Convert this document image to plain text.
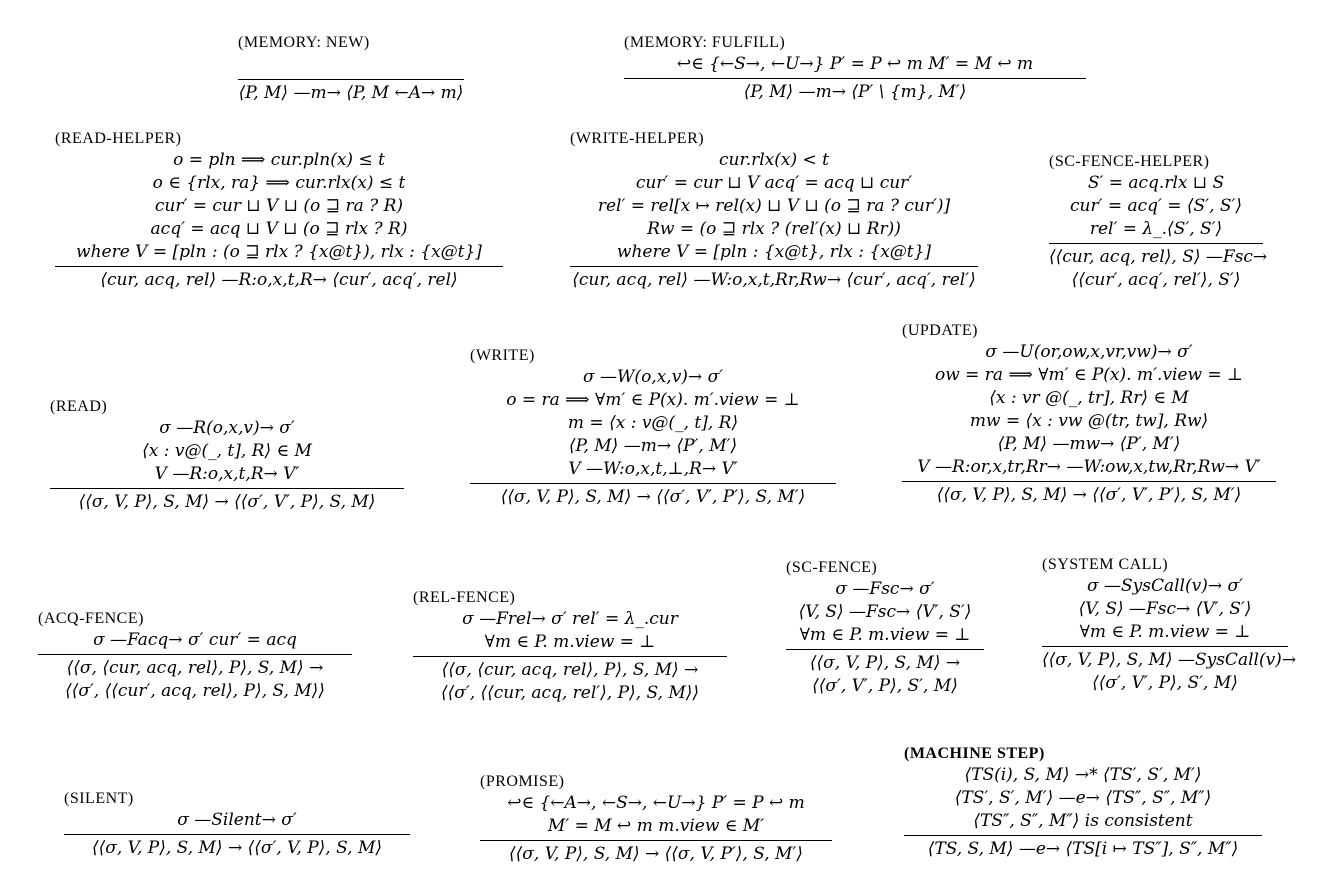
(MEMORY: NEW)
⟨P, M⟩ —m→ ⟨P, M ←A→ m⟩
(MEMORY: FULFILL)
↩∈ {←S→, ←U→} P′ = P ↩ m M′ = M ↩ m
⟨P, M⟩ —m→ ⟨P′ \ {m}, M′⟩
(READ-HELPER)
o = pln ⟹ cur.pln(x) ≤ t
o ∈ {rlx, ra} ⟹ cur.rlx(x) ≤ t
cur′ = cur ⊔ V ⊔ (o ⊒ ra ? R)
acq′ = acq ⊔ V ⊔ (o ⊒ rlx ? R)
where V = [pln : (o ⊒ rlx ? {x@t}), rlx : {x@t}]
⟨cur, acq, rel⟩ —R:o,x,t,R→ ⟨cur′, acq′, rel⟩
(WRITE-HELPER)
cur.rlx(x) < t
cur′ = cur ⊔ V acq′ = acq ⊔ cur′
rel′ = rel[x ↦ rel(x) ⊔ V ⊔ (o ⊒ ra ? cur′)]
Rw = (o ⊒ rlx ? (rel′(x) ⊔ Rr))
where V = [pln : {x@t}, rlx : {x@t}]
⟨cur, acq, rel⟩ —W:o,x,t,Rr,Rw→ ⟨cur′, acq′, rel′⟩
(SC-FENCE-HELPER)
S′ = acq.rlx ⊔ S
cur′ = acq′ = ⟨S′, S′⟩
rel′ = λ_.⟨S′, S′⟩
⟨⟨cur, acq, rel⟩, S⟩ —Fsc→
⟨⟨cur′, acq′, rel′⟩, S′⟩
(READ)
σ —R(o,x,v)→ σ′
⟨x : v@(_, t], R⟩ ∈ M
V —R:o,x,t,R→ V′
⟨⟨σ, V, P⟩, S, M⟩ → ⟨⟨σ′, V′, P⟩, S, M⟩
(WRITE)
σ —W(o,x,v)→ σ′
o = ra ⟹ ∀m′ ∈ P(x). m′.view = ⊥
m = ⟨x : v@(_, t], R⟩
⟨P, M⟩ —m→ ⟨P′, M′⟩
V —W:o,x,t,⊥,R→ V′
⟨⟨σ, V, P⟩, S, M⟩ → ⟨⟨σ′, V′, P′⟩, S, M′⟩
(UPDATE)
σ —U(or,ow,x,vr,vw)→ σ′
ow = ra ⟹ ∀m′ ∈ P(x). m′.view = ⊥
⟨x : vr @(_, tr], Rr⟩ ∈ M
mw = ⟨x : vw @(tr, tw], Rw⟩
⟨P, M⟩ —mw→ ⟨P′, M′⟩
V —R:or,x,tr,Rr→ —W:ow,x,tw,Rr,Rw→ V′
⟨⟨σ, V, P⟩, S, M⟩ → ⟨⟨σ′, V′, P′⟩, S, M′⟩
(ACQ-FENCE)
σ —Facq→ σ′ cur′ = acq
⟨⟨σ, ⟨cur, acq, rel⟩, P⟩, S, M⟩ →
⟨⟨σ′, ⟨⟨cur′, acq, rel⟩, P⟩, S, M⟩⟩
(REL-FENCE)
σ —Frel→ σ′ rel′ = λ_.cur
∀m ∈ P. m.view = ⊥
⟨⟨σ, ⟨cur, acq, rel⟩, P⟩, S, M⟩ →
⟨⟨σ′, ⟨⟨cur, acq, rel′⟩, P⟩, S, M⟩⟩
(SC-FENCE)
σ —Fsc→ σ′
⟨V, S⟩ —Fsc→ ⟨V′, S′⟩
∀m ∈ P. m.view = ⊥
⟨⟨σ, V, P⟩, S, M⟩ →
⟨⟨σ′, V′, P⟩, S′, M⟩
(SYSTEM CALL)
σ —SysCall(v)→ σ′
⟨V, S⟩ —Fsc→ ⟨V′, S′⟩
∀m ∈ P. m.view = ⊥
⟨⟨σ, V, P⟩, S, M⟩ —SysCall(v)→
⟨⟨σ′, V′, P⟩, S′, M⟩
(SILENT)
σ —Silent→ σ′
⟨⟨σ, V, P⟩, S, M⟩ → ⟨⟨σ′, V, P⟩, S, M⟩
(PROMISE)
↩∈ {←A→, ←S→, ←U→} P′ = P ↩ m
M′ = M ↩ m m.view ∈ M′
⟨⟨σ, V, P⟩, S, M⟩ → ⟨⟨σ, V, P′⟩, S, M′⟩
(MACHINE STEP)
⟨TS(i), S, M⟩ →* ⟨TS′, S′, M′⟩
⟨TS′, S′, M′⟩ —e→ ⟨TS″, S″, M″⟩
⟨TS″, S″, M″⟩ is consistent
⟨TS, S, M⟩ —e→ ⟨TS[i ↦ TS″], S″, M″⟩
